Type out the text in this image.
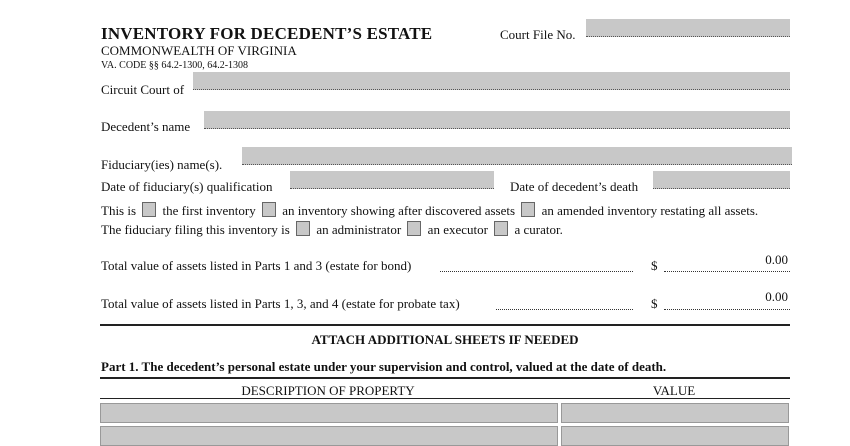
INVENTORY FOR DECEDENT’S ESTATE
COMMONWEALTH OF VIRGINIA
VA. CODE §§ 64.2-1300, 64.2-1308
Court File No.
Circuit Court of
Decedent’s name
Fiduciary(ies) name(s).
Date of fiduciary(s) qualification	Date of decedent’s death
This is the first inventory an inventory showing after discovered assets an amended inventory restating all assets.
The fiduciary filing this inventory is an administrator an executor a curator.
Total value of assets listed in Parts 1 and 3 (estate for bond)	$	0.00
Total value of assets listed in Parts 1, 3, and 4 (estate for probate tax)	$	0.00
ATTACH ADDITIONAL SHEETS IF NEEDED
Part 1. The decedent’s personal estate under your supervision and control, valued at the date of death.
DESCRIPTION OF PROPERTY	VALUE
